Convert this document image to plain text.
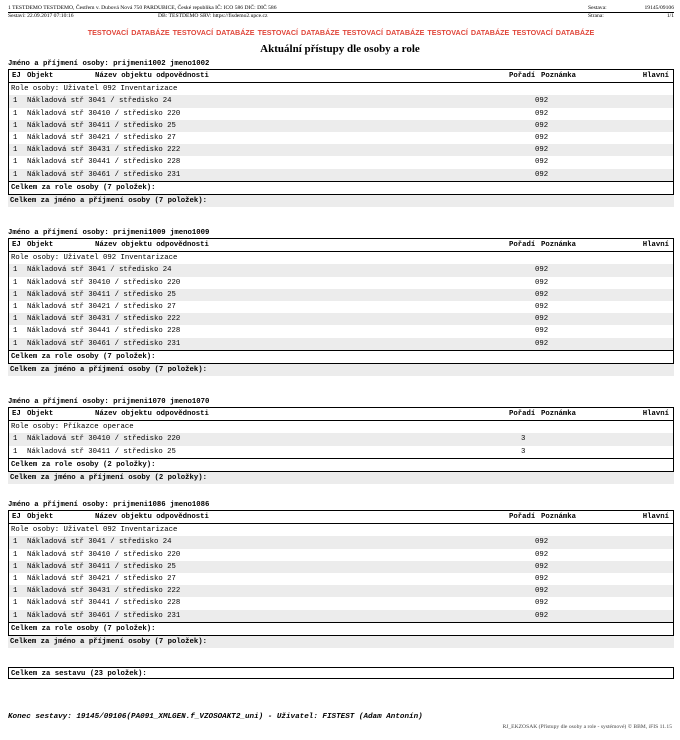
1 TESTDEMO TESTDEMO, Čestřem v. Dubová Nová 750 PARDUBICE, České republika IČ: ICO 586 DIČ: DIČ 586	Sestava:	19145/09106
Sestaví: 22.09.2017 07:10:16	DB: TESTDEMO SRV: https://fisdemo2.upce.cz	Strana:	1/1
TESTOVACÍ DATABÁZE TESTOVACÍ DATABÁZE TESTOVACÍ DATABÁZE TESTOVACÍ DATABÁZE TESTOVACÍ DATABÁZE TESTOVACÍ DATABÁZE
Aktuální přístupy dle osoby a role
Jméno a příjmení osoby: prijmeni1002 jmeno1002
EJ Objekt	Název objektu odpovědnosti	Pořadí Poznámka	Hlavní
Role osoby: Uživatel 092 Inventarizace
1 Nákladová stř 3041 / středisko 24	092
1 Nákladová stř 30410 / středisko 220	092
1 Nákladová stř 30411 / středisko 25	092
1 Nákladová stř 30421 / středisko 27	092
1 Nákladová stř 30431 / středisko 222	092
1 Nákladová stř 30441 / středisko 228	092
1 Nákladová stř 30461 / středisko 231	092
Celkem za role osoby (7 položek):
Celkem za jméno a příjmení osoby (7 položek):
Jméno a příjmení osoby: prijmeni1009 jmeno1009
EJ Objekt	Název objektu odpovědnosti	Pořadí Poznámka	Hlavní
Role osoby: Uživatel 092 Inventarizace
1 Nákladová stř 3041 / středisko 24	092
1 Nákladová stř 30410 / středisko 220	092
1 Nákladová stř 30411 / středisko 25	092
1 Nákladová stř 30421 / středisko 27	092
1 Nákladová stř 30431 / středisko 222	092
1 Nákladová stř 30441 / středisko 228	092
1 Nákladová stř 30461 / středisko 231	092
Celkem za role osoby (7 položek):
Celkem za jméno a příjmení osoby (7 položek):
Jméno a příjmení osoby: prijmeni1070 jmeno1070
EJ Objekt	Název objektu odpovědnosti	Pořadí Poznámka	Hlavní
Role osoby: Příkazce operace
1 Nákladová stř 30410 / středisko 220	3
1 Nákladová stř 30411 / středisko 25	3
Celkem za role osoby (2 položky):
Celkem za jméno a příjmení osoby (2 položky):
Jméno a příjmení osoby: prijmeni1086 jmeno1086
EJ Objekt	Název objektu odpovědnosti	Pořadí Poznámka	Hlavní
Role osoby: Uživatel 092 Inventarizace
1 Nákladová stř 3041 / středisko 24	092
1 Nákladová stř 30410 / středisko 220	092
1 Nákladová stř 30411 / středisko 25	092
1 Nákladová stř 30421 / středisko 27	092
1 Nákladová stř 30431 / středisko 222	092
1 Nákladová stř 30441 / středisko 228	092
1 Nákladová stř 30461 / středisko 231	092
Celkem za role osoby (7 položek):
Celkem za jméno a příjmení osoby (7 položek):
Celkem za sestavu (23 položek):
Konec sestavy: 19145/09106(PA091_XMLGEN.f_VZOSOAKT2_uni) - Uživatel: FISTEST (Adam Antonín)
RJ_EKZOSAK (Přístupy dle osoby a role - systémové) © BBM, iFIS 11.15
